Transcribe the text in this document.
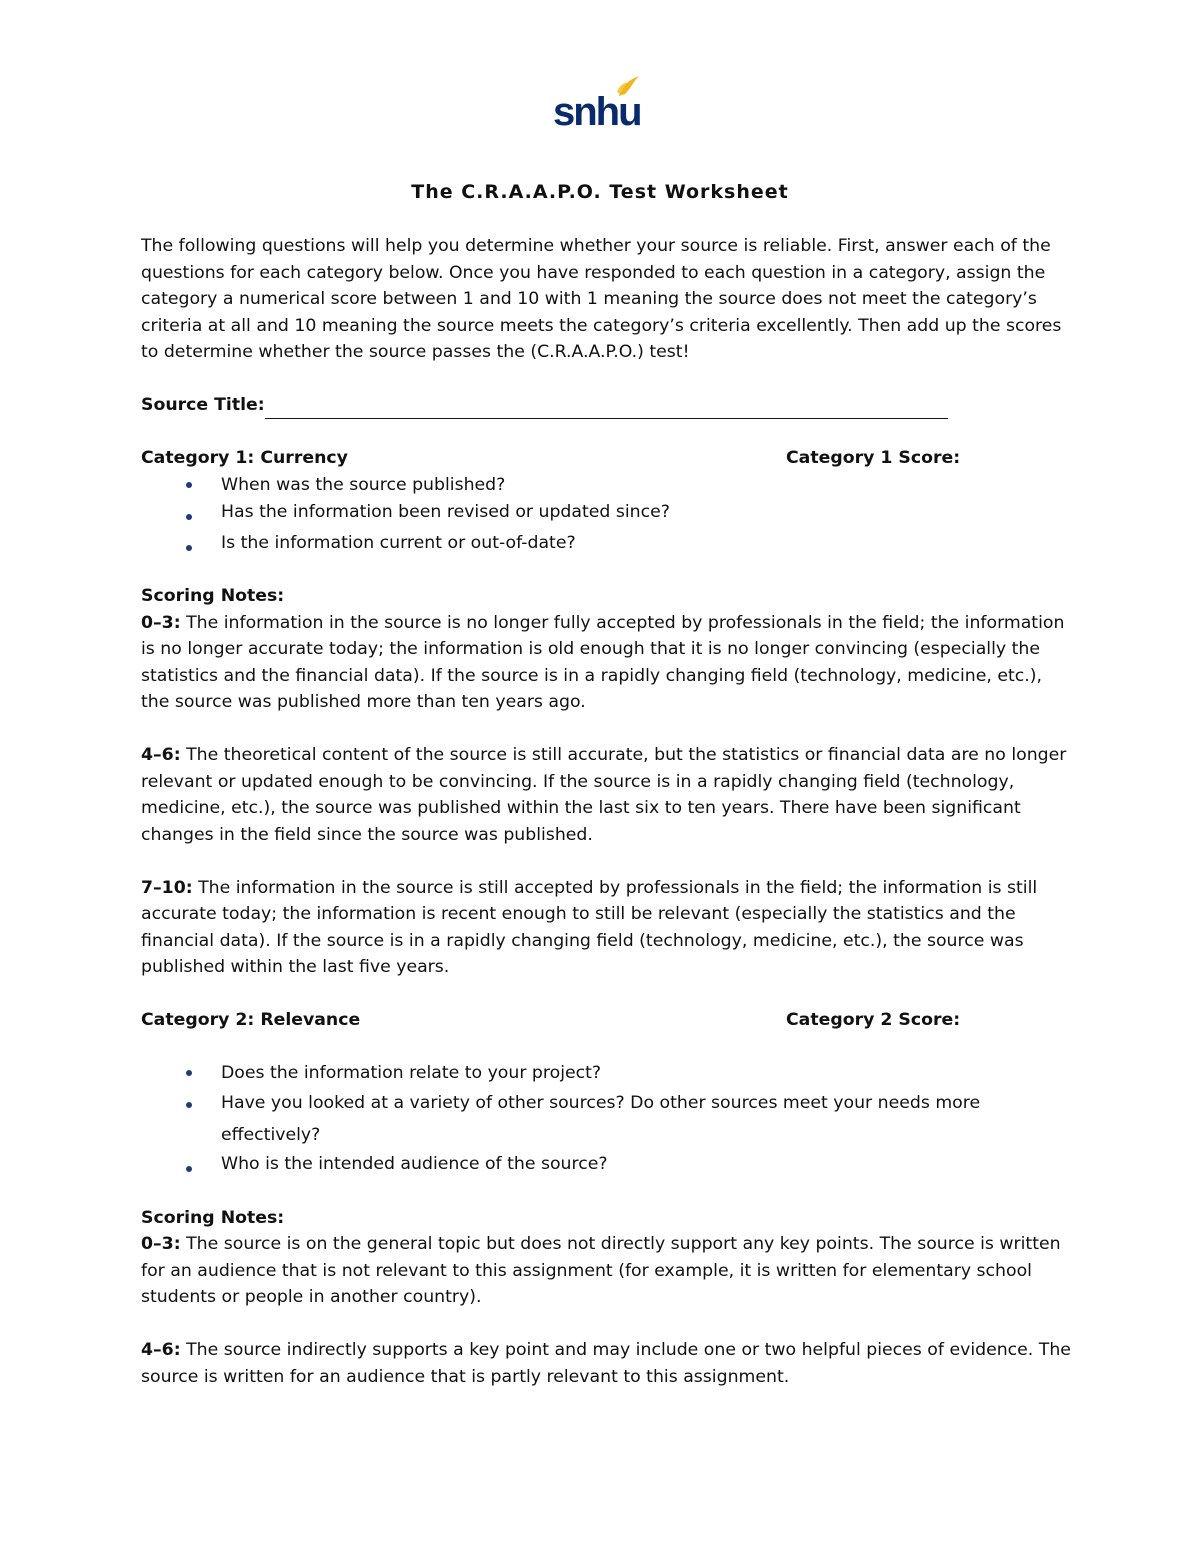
snhu
The C.R.A.A.P.O. Test Worksheet

The following questions will help you determine whether your source is reliable. First, answer each of the questions for each category below. Once you have responded to each question in a category, assign the category a numerical score between 1 and 10 with 1 meaning the source does not meet the category’s criteria at all and 10 meaning the source meets the category’s criteria excellently. Then add up the scores to determine whether the source passes the (C.R.A.A.P.O.) test!

Source Title:
Category 1: Currency	Category 1 Score:
When was the source published?
Has the information been revised or updated since?
Is the information current or out-of-date?
Scoring Notes:

0–3: The information in the source is no longer fully accepted by professionals in the field; the information is no longer accurate today; the information is old enough that it is no longer convincing (especially the statistics and the financial data). If the source is in a rapidly changing field (technology, medicine, etc.), the source was published more than ten years ago.

4–6: The theoretical content of the source is still accurate, but the statistics or financial data are no longer relevant or updated enough to be convincing. If the source is in a rapidly changing field (technology, medicine, etc.), the source was published within the last six to ten years. There have been significant changes in the field since the source was published.

7–10: The information in the source is still accepted by professionals in the field; the information is still accurate today; the information is recent enough to still be relevant (especially the statistics and the financial data). If the source is in a rapidly changing field (technology, medicine, etc.), the source was published within the last five years.

Category 2: Relevance	Category 2 Score:
Does the information relate to your project?
Have you looked at a variety of other sources? Do other sources meet your needs more effectively?
Who is the intended audience of the source?
Scoring Notes:

0–3: The source is on the general topic but does not directly support any key points. The source is written for an audience that is not relevant to this assignment (for example, it is written for elementary school students or people in another country).

4–6: The source indirectly supports a key point and may include one or two helpful pieces of evidence. The source is written for an audience that is partly relevant to this assignment.
